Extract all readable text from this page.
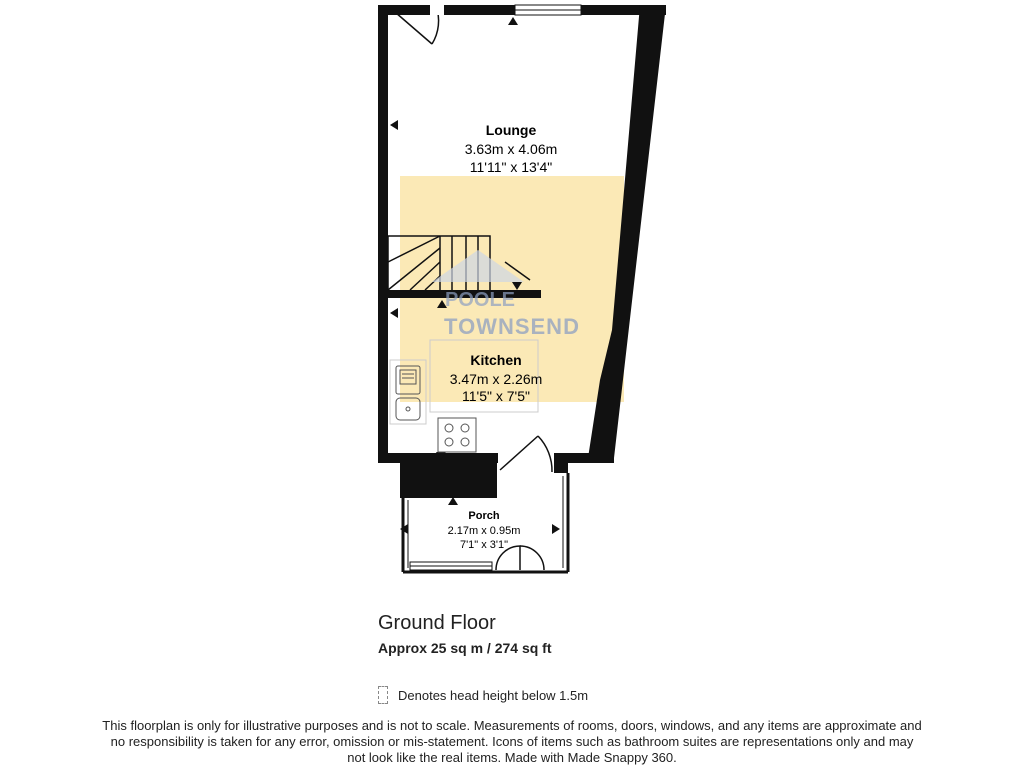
POOLE
TOWNSEND
Lounge
3.63m x 4.06m
11'11" x 13'4"
Kitchen
3.47m x 2.26m
11'5" x 7'5"
Porch
2.17m x 0.95m
7'1" x 3'1"
Ground Floor
Approx 25 sq m / 274 sq ft
Denotes head height below 1.5m
This floorplan is only for illustrative purposes and is not to scale. Measurements of rooms, doors, windows, and any items are approximate and no responsibility is taken for any error, omission or mis-statement. Icons of items such as bathroom suites are representations only and may not look like the real items. Made with Made Snappy 360.
